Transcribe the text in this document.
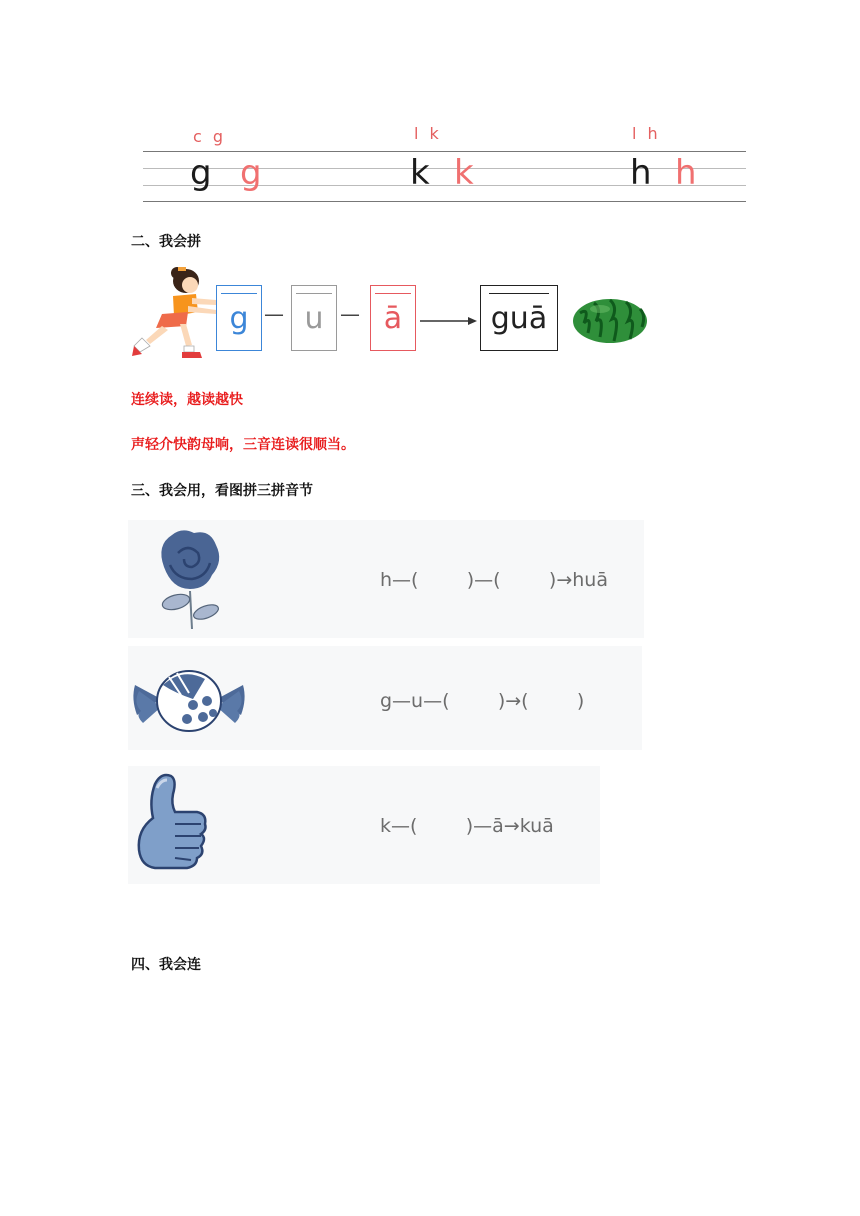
c g	l k	l h
g g	k k	h h
二、我会拼
g — u — ā	guā
连续读，越读越快
声轻介快韵母响，三音连读很顺当。
三、我会用，看图拼三拼音节
h—(        )—(        )→huā
g—u—(        )→(        )
k—(        )—ā→kuā
四、我会连
